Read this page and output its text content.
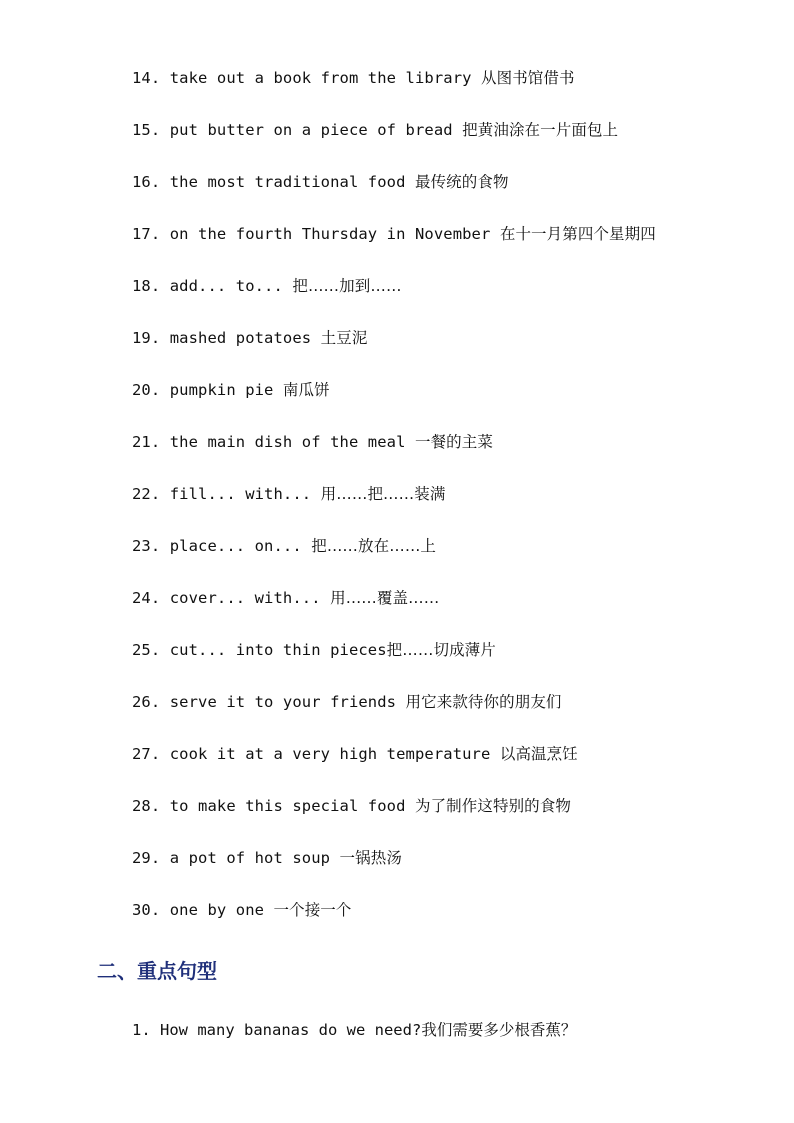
14. take out a book from the library 从图书馆借书
15. put butter on a piece of bread 把黄油涂在一片面包上
16. the most traditional food 最传统的食物
17. on the fourth Thursday in November 在十一月第四个星期四
18. add... to... 把……加到……
19. mashed potatoes 土豆泥
20. pumpkin pie 南瓜饼
21. the main dish of the meal 一餐的主菜
22. fill... with... 用……把……装满
23. place... on... 把……放在……上
24. cover... with... 用……覆盖……
25. cut... into thin pieces把……切成薄片
26. serve it to your friends 用它来款待你的朋友们
27. cook it at a very high temperature 以高温烹饪
28. to make this special food 为了制作这特别的食物
29. a pot of hot soup 一锅热汤
30. one by one 一个接一个
二、重点句型
1. How many bananas do we need?我们需要多少根香蕉？
